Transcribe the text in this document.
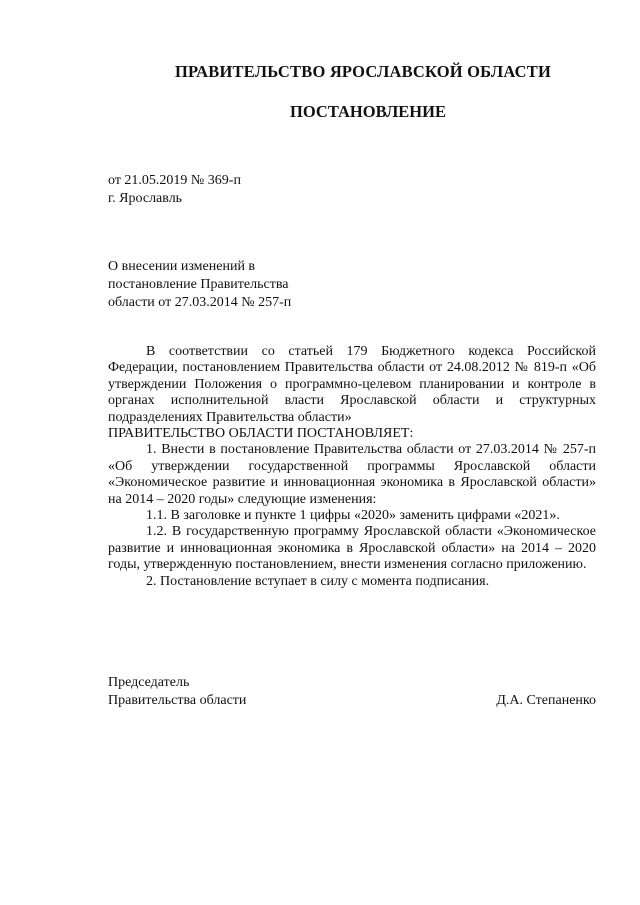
ПРАВИТЕЛЬСТВО ЯРОСЛАВСКОЙ ОБЛАСТИ
ПОСТАНОВЛЕНИЕ
от 21.05.2019 № 369-п
г. Ярославль
О внесении изменений в
постановление Правительства
области от 27.03.2014 № 257-п

В соответствии со статьей 179 Бюджетного кодекса Российской Федерации, постановлением Правительства области от 24.08.2012 № 819-п «Об утверждении Положения о программно-целевом планировании и контроле в органах исполнительной власти Ярославской области и структурных подразделениях Правительства области»

ПРАВИТЕЛЬСТВО ОБЛАСТИ ПОСТАНОВЛЯЕТ:

1. Внести в постановление Правительства области от 27.03.2014 № 257-п «Об утверждении государственной программы Ярославской области «Экономическое развитие и инновационная экономика в Ярославской области» на 2014 – 2020 годы» следующие изменения:

1.1. В заголовке и пункте 1 цифры «2020» заменить цифрами «2021».

1.2. В государственную программу Ярославской области «Экономическое развитие и инновационная экономика в Ярославской области» на 2014 – 2020 годы, утвержденную постановлением, внести изменения согласно приложению.

2. Постановление вступает в силу с момента подписания.

Председатель
Правительства области	Д.А. Степаненко
